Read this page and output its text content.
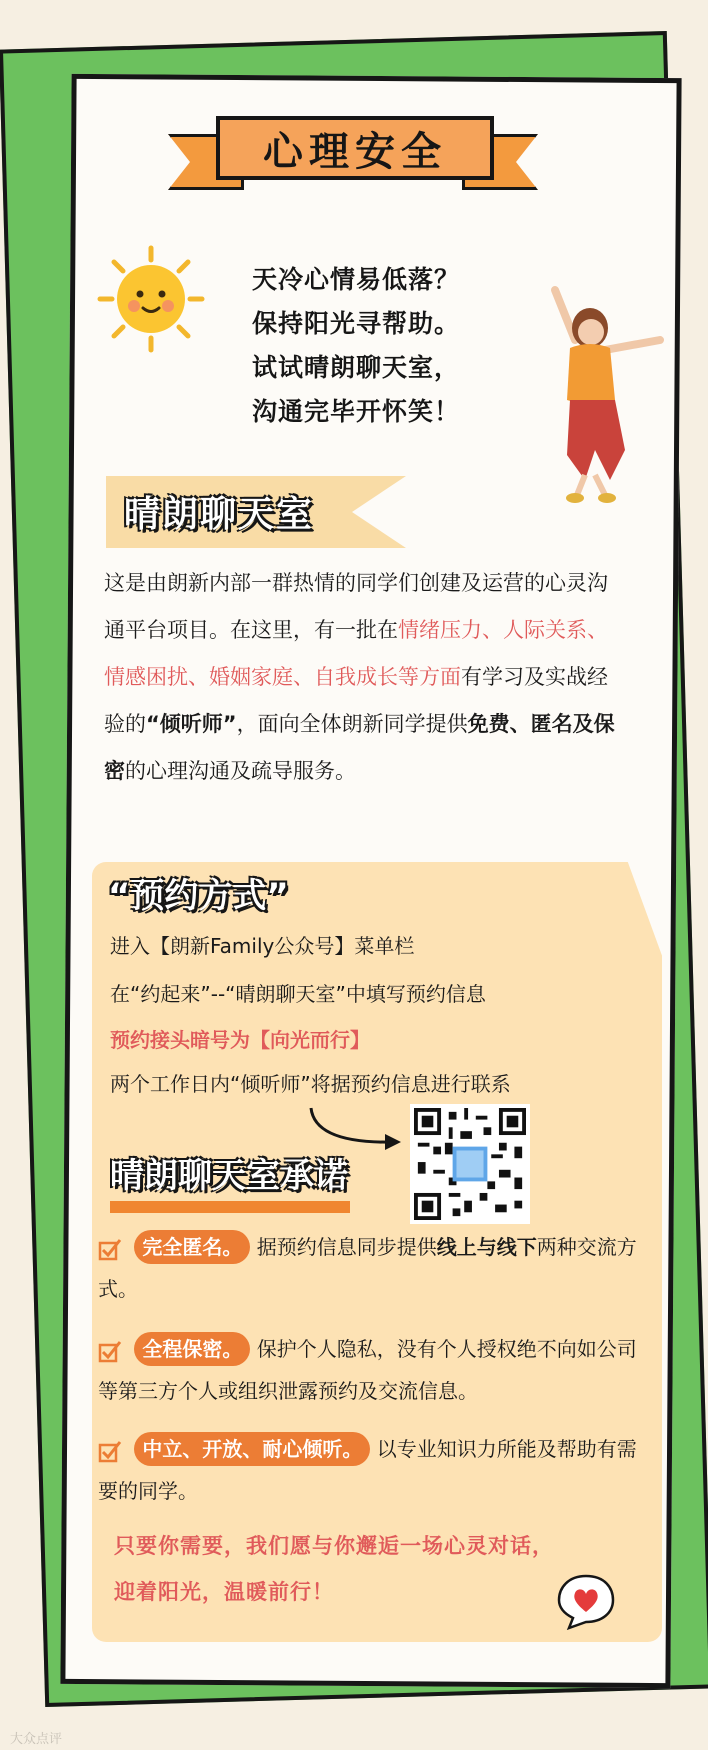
心理安全
天冷心情易低落？
保持阳光寻帮助。
试试晴朗聊天室，
沟通完毕开怀笑！
晴朗聊天室
这是由朗新内部一群热情的同学们创建及运营的心灵沟通平台项目。在这里，有一批在情绪压力、人际关系、情感困扰、婚姻家庭、自我成长等方面有学习及实战经验的“倾听师”，面向全体朗新同学提供免费、匿名及保密的心理沟通及疏导服务。
“预约方式”
进入【朗新Family公众号】菜单栏
在“约起来”--“晴朗聊天室”中填写预约信息
预约接头暗号为【向光而行】
两个工作日内“倾听师”将据预约信息进行联系
晴朗聊天室承诺
完全匿名。 据预约信息同步提供线上与线下两种交流方式。
全程保密。 保护个人隐私，没有个人授权绝不向如公司等第三方个人或组织泄露预约及交流信息。
中立、开放、耐心倾听。 以专业知识力所能及帮助有需要的同学。
只要你需要，我们愿与你邂逅一场心灵对话，
迎着阳光，温暖前行！
大众点评
